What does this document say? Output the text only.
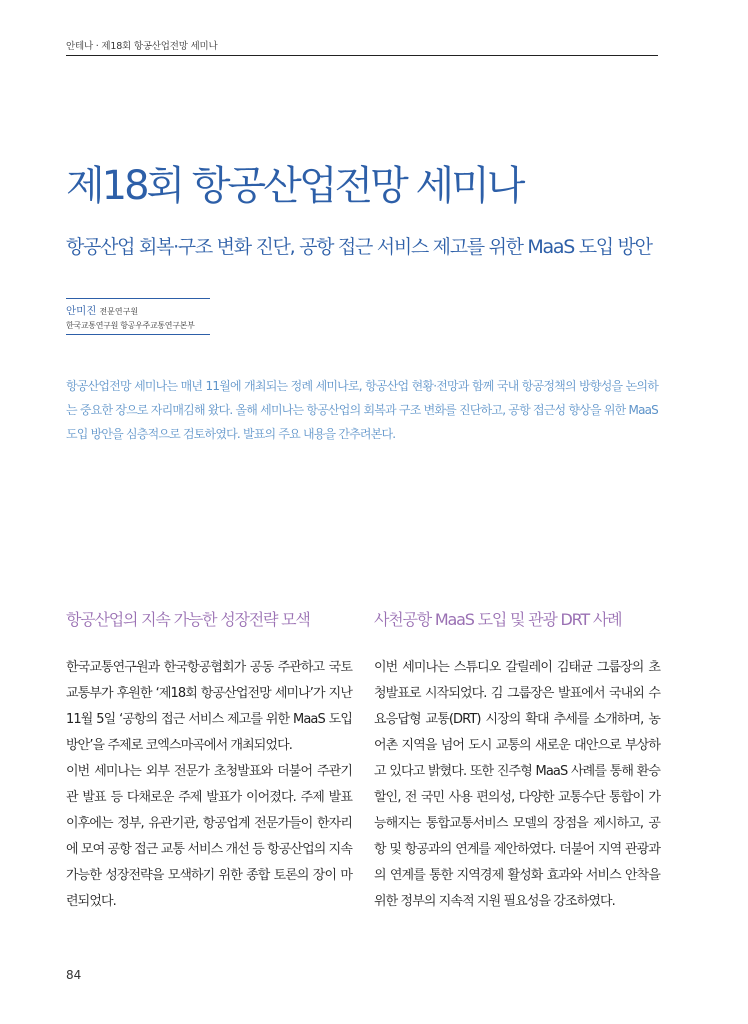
안테나 · 제18회 항공산업전망 세미나
제18회 항공산업전망 세미나
항공산업 회복·구조 변화 진단, 공항 접근 서비스 제고를 위한 MaaS 도입 방안
안미진 전문연구원
한국교통연구원 항공우주교통연구본부
항공산업전망 세미나는 매년 11월에 개최되는 정례 세미나로, 항공산업 현황·전망과 함께 국내 항공정책의 방향성을 논의하는 중요한 장으로 자리매김해 왔다. 올해 세미나는 항공산업의 회복과 구조 변화를 진단하고, 공항 접근성 향상을 위한 MaaS 도입 방안을 심층적으로 검토하였다. 발표의 주요 내용을 간추려본다.
항공산업의 지속 가능한 성장전략 모색	사천공항 MaaS 도입 및 관광 DRT 사례

한국교통연구원과 한국항공협회가 공동 주관하고 국토교통부가 후원한 ‘제18회 항공산업전망 세미나’가 지난 11월 5일 ‘공항의 접근 서비스 제고를 위한 MaaS 도입 방안’을 주제로 코엑스마곡에서 개최되었다.

이번 세미나는 외부 전문가 초청발표와 더불어 주관기관 발표 등 다채로운 주제 발표가 이어졌다. 주제 발표 이후에는 정부, 유관기관, 항공업계 전문가들이 한자리에 모여 공항 접근 교통 서비스 개선 등 항공산업의 지속 가능한 성장전략을 모색하기 위한 종합 토론의 장이 마련되었다.

이번 세미나는 스튜디오 갈릴레이 김태균 그룹장의 초청발표로 시작되었다. 김 그룹장은 발표에서 국내외 수요응답형 교통(DRT) 시장의 확대 추세를 소개하며, 농어촌 지역을 넘어 도시 교통의 새로운 대안으로 부상하고 있다고 밝혔다. 또한 진주형 MaaS 사례를 통해 환승할인, 전 국민 사용 편의성, 다양한 교통수단 통합이 가능해지는 통합교통서비스 모델의 장점을 제시하고, 공항 및 항공과의 연계를 제안하였다. 더불어 지역 관광과의 연계를 통한 지역경제 활성화 효과와 서비스 안착을 위한 정부의 지속적 지원 필요성을 강조하였다.

84
